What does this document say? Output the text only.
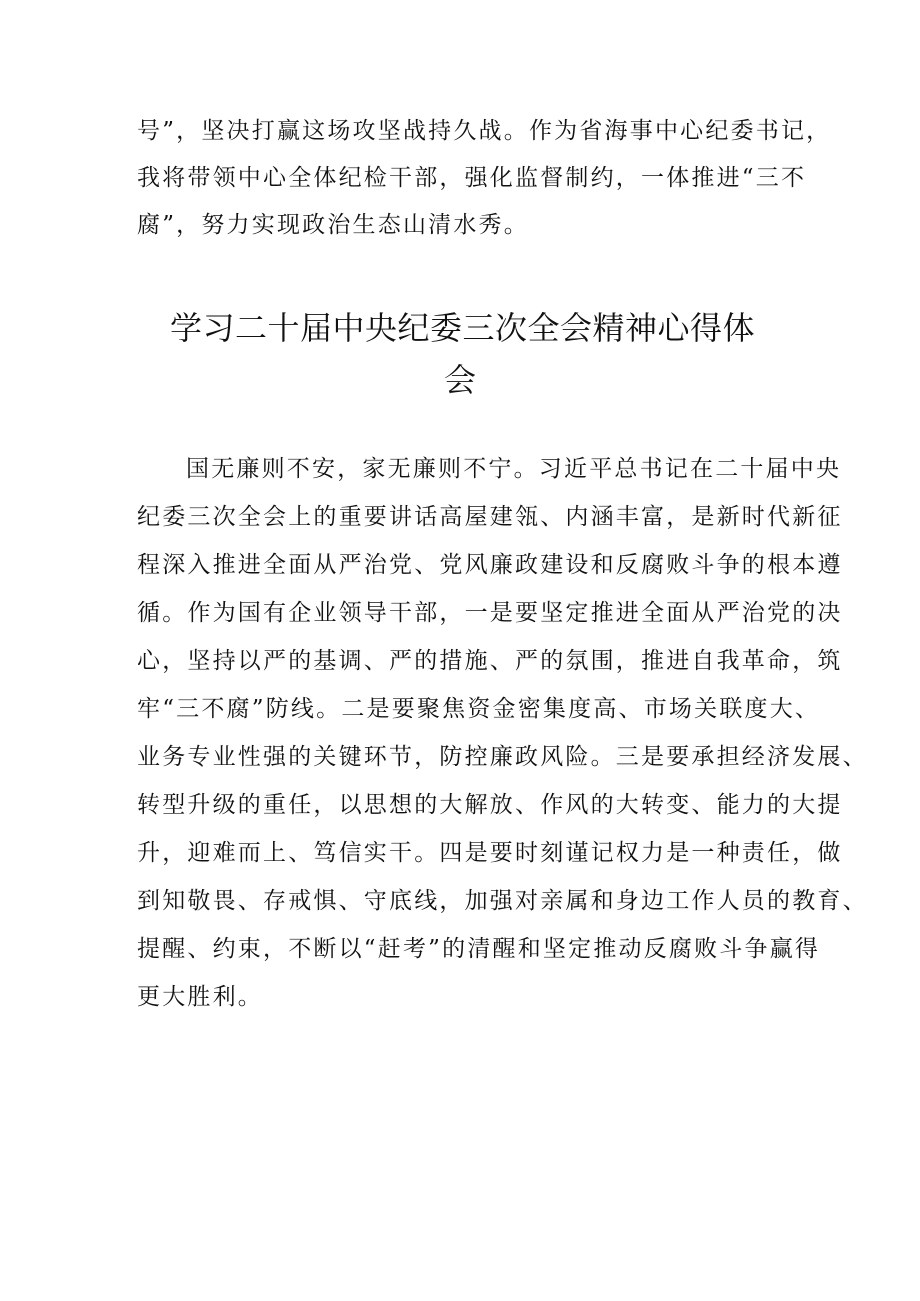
号”，坚决打赢这场攻坚战持久战。作为省海事中心纪委书记，
我将带领中心全体纪检干部，强化监督制约，一体推进“三不
腐”，努力实现政治生态山清水秀。
学习二十届中央纪委三次全会精神心得体
会
国无廉则不安，家无廉则不宁。习近平总书记在二十届中央
纪委三次全会上的重要讲话高屋建瓴、内涵丰富，是新时代新征
程深入推进全面从严治党、党风廉政建设和反腐败斗争的根本遵
循。作为国有企业领导干部，一是要坚定推进全面从严治党的决
心，坚持以严的基调、严的措施、严的氛围，推进自我革命，筑
牢“三不腐”防线。二是要聚焦资金密集度高、市场关联度大、
业务专业性强的关键环节，防控廉政风险。三是要承担经济发展、
转型升级的重任，以思想的大解放、作风的大转变、能力的大提
升，迎难而上、笃信实干。四是要时刻谨记权力是一种责任，做
到知敬畏、存戒惧、守底线，加强对亲属和身边工作人员的教育、
提醒、约束，不断以“赶考”的清醒和坚定推动反腐败斗争赢得
更大胜利。
